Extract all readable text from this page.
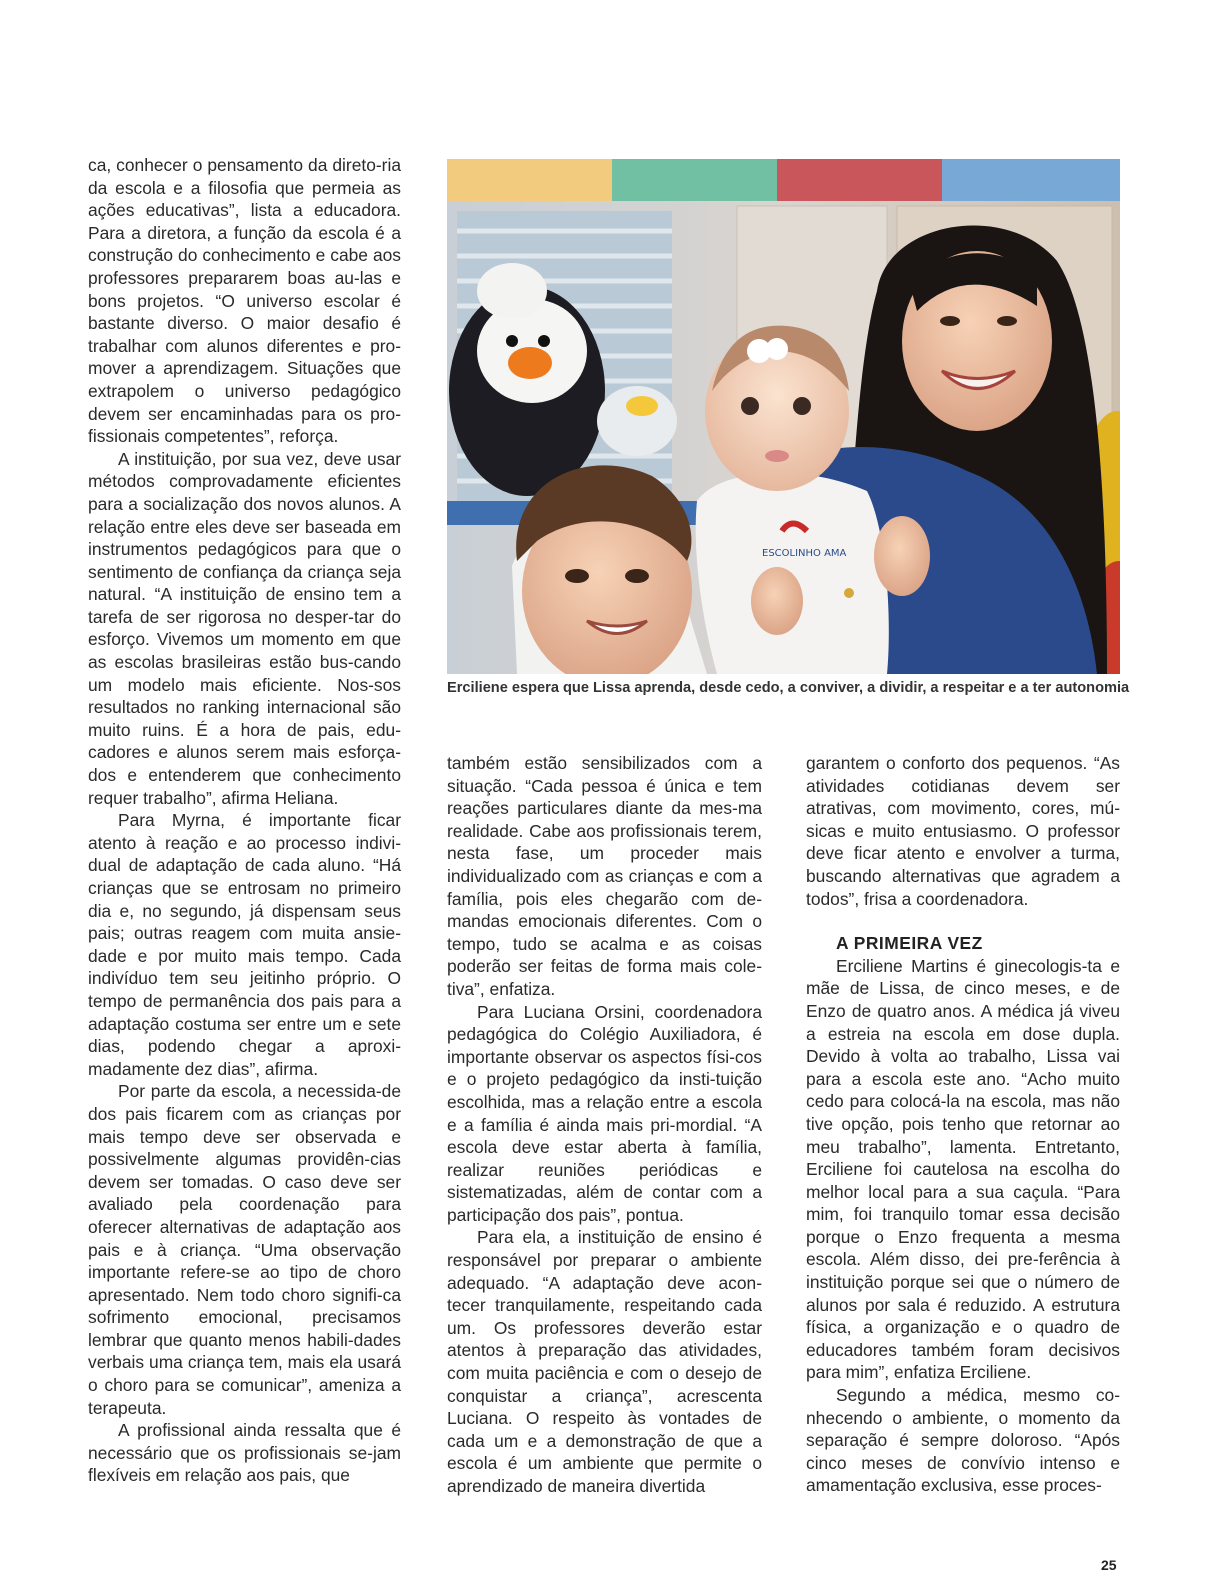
ca, conhecer o pensamento da direto-ria da escola e a filosofia que permeia as ações educativas”, lista a educadora. Para a diretora, a função da escola é a construção do conhecimento e cabe aos professores prepararem boas au-las e bons projetos. “O universo escolar é bastante diverso. O maior desafio é trabalhar com alunos diferentes e pro-mover a aprendizagem. Situações que extrapolem o universo pedagógico devem ser encaminhadas para os pro-fissionais competentes”, reforça.

A instituição, por sua vez, deve usar métodos comprovadamente eficientes para a socialização dos novos alunos. A relação entre eles deve ser baseada em instrumentos pedagógicos para que o sentimento de confiança da criança seja natural. “A instituição de ensino tem a tarefa de ser rigorosa no desper-tar do esforço. Vivemos um momento em que as escolas brasileiras estão bus-cando um modelo mais eficiente. Nos-sos resultados no ranking internacional são muito ruins. É a hora de pais, edu-cadores e alunos serem mais esforça-dos e entenderem que conhecimento requer trabalho”, afirma Heliana.

Para Myrna, é importante ficar atento à reação e ao processo indivi-dual de adaptação de cada aluno. “Há crianças que se entrosam no primeiro dia e, no segundo, já dispensam seus pais; outras reagem com muita ansie-dade e por muito mais tempo. Cada indivíduo tem seu jeitinho próprio. O tempo de permanência dos pais para a adaptação costuma ser entre um e sete dias, podendo chegar a aproxi-madamente dez dias”, afirma.

Por parte da escola, a necessida-de dos pais ficarem com as crianças por mais tempo deve ser observada e possivelmente algumas providên-cias devem ser tomadas. O caso deve ser avaliado pela coordenação para oferecer alternativas de adaptação aos pais e à criança. “Uma observação importante refere-se ao tipo de choro apresentado. Nem todo choro signifi-ca sofrimento emocional, precisamos lembrar que quanto menos habili-dades verbais uma criança tem, mais ela usará o choro para se comunicar”, ameniza a terapeuta.

A profissional ainda ressalta que é necessário que os profissionais se-jam flexíveis em relação aos pais, que

ESCOLINHO AMA
Erciliene espera que Lissa aprenda, desde cedo, a conviver, a dividir, a respeitar e a ter autonomia

também estão sensibilizados com a situação. “Cada pessoa é única e tem reações particulares diante da mes-ma realidade. Cabe aos profissionais terem, nesta fase, um proceder mais individualizado com as crianças e com a família, pois eles chegarão com de-mandas emocionais diferentes. Com o tempo, tudo se acalma e as coisas poderão ser feitas de forma mais cole-tiva”, enfatiza.

Para Luciana Orsini, coordenadora pedagógica do Colégio Auxiliadora, é importante observar os aspectos físi-cos e o projeto pedagógico da insti-tuição escolhida, mas a relação entre a escola e a família é ainda mais pri-mordial. “A escola deve estar aberta à família, realizar reuniões periódicas e sistematizadas, além de contar com a participação dos pais”, pontua.

Para ela, a instituição de ensino é responsável por preparar o ambiente adequado. “A adaptação deve acon-tecer tranquilamente, respeitando cada um. Os professores deverão estar atentos à preparação das atividades, com muita paciência e com o desejo de conquistar a criança”, acrescenta Luciana. O respeito às vontades de cada um e a demonstração de que a escola é um ambiente que permite o aprendizado de maneira divertida

garantem o conforto dos pequenos. “As atividades cotidianas devem ser atrativas, com movimento, cores, mú-sicas e muito entusiasmo. O professor deve ficar atento e envolver a turma, buscando alternativas que agradem a todos”, frisa a coordenadora.

A PRIMEIRA VEZ

Erciliene Martins é ginecologis-ta e mãe de Lissa, de cinco meses, e de Enzo de quatro anos. A médica já viveu a estreia na escola em dose dupla. Devido à volta ao trabalho, Lissa vai para a escola este ano. “Acho muito cedo para colocá-la na escola, mas não tive opção, pois tenho que retornar ao meu trabalho”, lamenta. Entretanto, Erciliene foi cautelosa na escolha do melhor local para a sua caçula. “Para mim, foi tranquilo tomar essa decisão porque o Enzo frequenta a mesma escola. Além disso, dei pre-ferência à instituição porque sei que o número de alunos por sala é reduzido. A estrutura física, a organização e o quadro de educadores também foram decisivos para mim”, enfatiza Erciliene.

Segundo a médica, mesmo co-nhecendo o ambiente, o momento da separação é sempre doloroso. “Após cinco meses de convívio intenso e amamentação exclusiva, esse proces-

25
